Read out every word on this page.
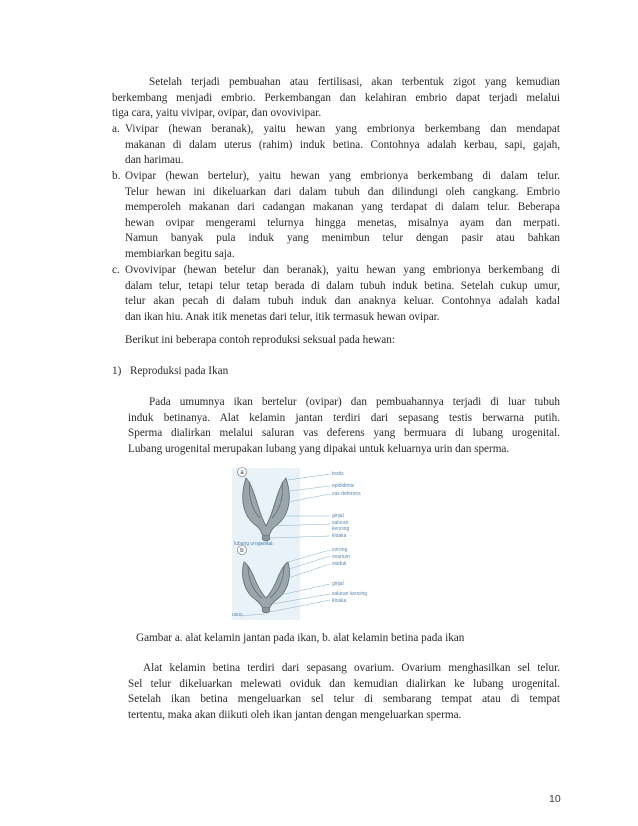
Setelah terjadi pembuahan atau fertilisasi, akan terbentuk zigot yang kemudian
berkembang menjadi embrio. Perkembangan dan kelahiran embrio dapat terjadi melalui
tiga cara, yaitu vivipar, ovipar, dan ovovivipar.
a. Vivipar (hewan beranak), yaitu hewan yang embrionya berkembang dan mendapat
makanan di dalam uterus (rahim) induk betina. Contohnya adalah kerbau, sapi, gajah,
dan harimau.
b. Ovipar (hewan bertelur), yaitu hewan yang embrionya berkembang di dalam telur.
Telur hewan ini dikeluarkan dari dalam tubuh dan dilindungi oleh cangkang. Embrio
memperoleh makanan dari cadangan makanan yang terdapat di dalam telur. Beberapa
hewan ovipar mengerami telurnya hingga menetas, misalnya ayam dan merpati.
Namun banyak pula induk yang menimbun telur dengan pasir atau bahkan
membiarkan begitu saja.
c. Ovovivipar (hewan betelur dan beranak), yaitu hewan yang embrionya berkembang di
dalam telur, tetapi telur tetap berada di dalam tubuh induk betina. Setelah cukup umur,
telur akan pecah di dalam tubuh induk dan anaknya keluar. Contohnya adalah kadal
dan ikan hiu. Anak itik menetas dari telur, itik termasuk hewan ovipar.
Berikut ini beberapa contoh reproduksi seksual pada hewan:
1) Reproduksi pada Ikan
Pada umumnya ikan bertelur (ovipar) dan pembuahannya terjadi di luar tubuh
induk betinanya. Alat kelamin jantan terdiri dari sepasang testis berwarna putih.
Sperma dialirkan melalui saluran vas deferens yang bermuara di lubang urogenital.
Lubang urogenital merupakan lubang yang dipakai untuk keluarnya urin dan sperma.
a
b
testis
epididimis
vas deferens
ginjal
saluran
kencing
kloaka
lubang urogenital
corong
ovarium
oviduk
ginjal
saluran kencing
kloaka
usus
Gambar a. alat kelamin jantan pada ikan, b. alat kelamin betina pada ikan
Alat kelamin betina terdiri dari sepasang ovarium. Ovarium menghasilkan sel telur.
Sel telur dikeluarkan melewati oviduk dan kemudian dialirkan ke lubang urogenital.
Setelah ikan betina mengeluarkan sel telur di sembarang tempat atau di tempat
tertentu, maka akan diikuti oleh ikan jantan dengan mengeluarkan sperma.
10
